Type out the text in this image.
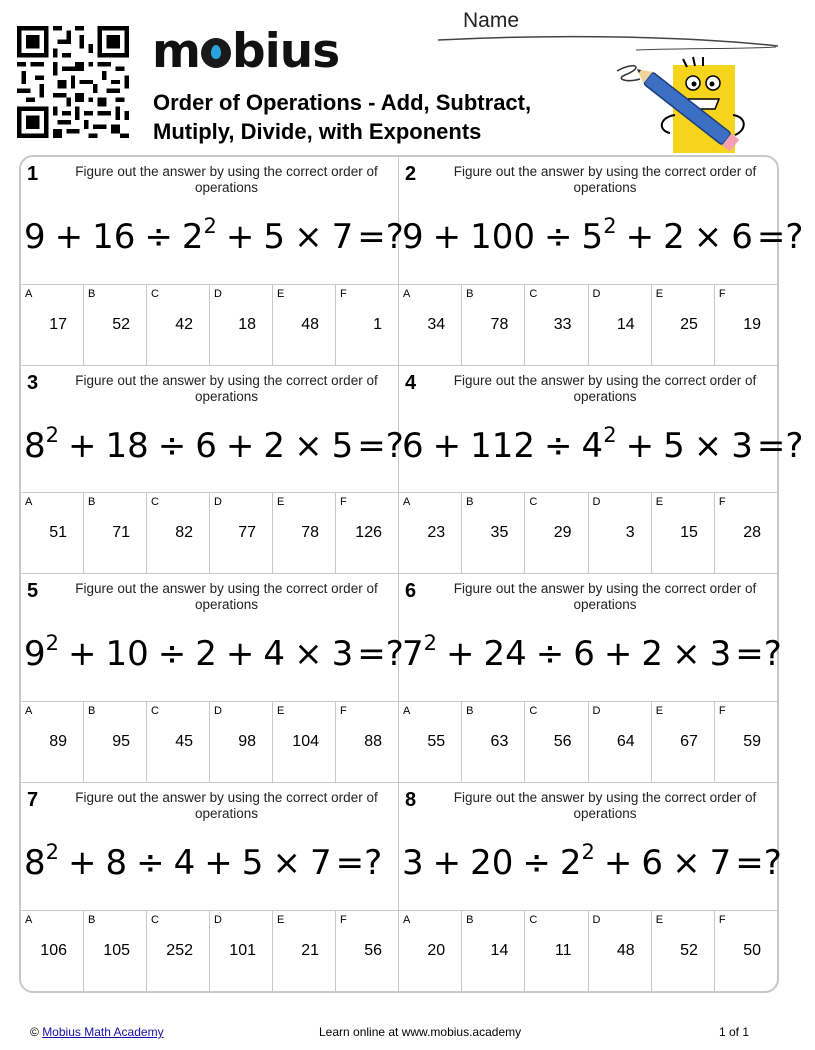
m bius
Order of Operations - Add, Subtract,
Mutiply, Divide, with Exponents
Name
1	Figure out the answer by using the correct order of operations
$9 + 16 \div 2^2 + 5 \times 7$ =?
A
17
B
52
C
42
D
18
E
48
F
1
2	Figure out the answer by using the correct order of operations
$9 + 100 \div 5^2 + 2 \times 6$ =?
A
34
B
78
C
33
D
14
E
25
F
19
3	Figure out the answer by using the correct order of operations
$8^2 + 18 \div 6 + 2 \times 5$ =?
A
51
B
71
C
82
D
77
E
78
F
126
4	Figure out the answer by using the correct order of operations
$6 + 112 \div 4^2 + 5 \times 3$ =?
A
23
B
35
C
29
D
3
E
15
F
28
5	Figure out the answer by using the correct order of operations
$9^2 + 10 \div 2 + 4 \times 3$ =?
A
89
B
95
C
45
D
98
E
104
F
88
6	Figure out the answer by using the correct order of operations
$7^2 + 24 \div 6 + 2 \times 3$ =?
A
55
B
63
C
56
D
64
E
67
F
59
7	Figure out the answer by using the correct order of operations
$8^2 + 8 \div 4 + 5 \times 7$ =?
A
106
B
105
C
252
D
101
E
21
F
56
8	Figure out the answer by using the correct order of operations
$3 + 20 \div 2^2 + 6 \times 7$ =?
A
20
B
14
C
11
D
48
E
52
F
50
© Mobius Math Academy	Learn online at www.mobius.academy	1 of 1
